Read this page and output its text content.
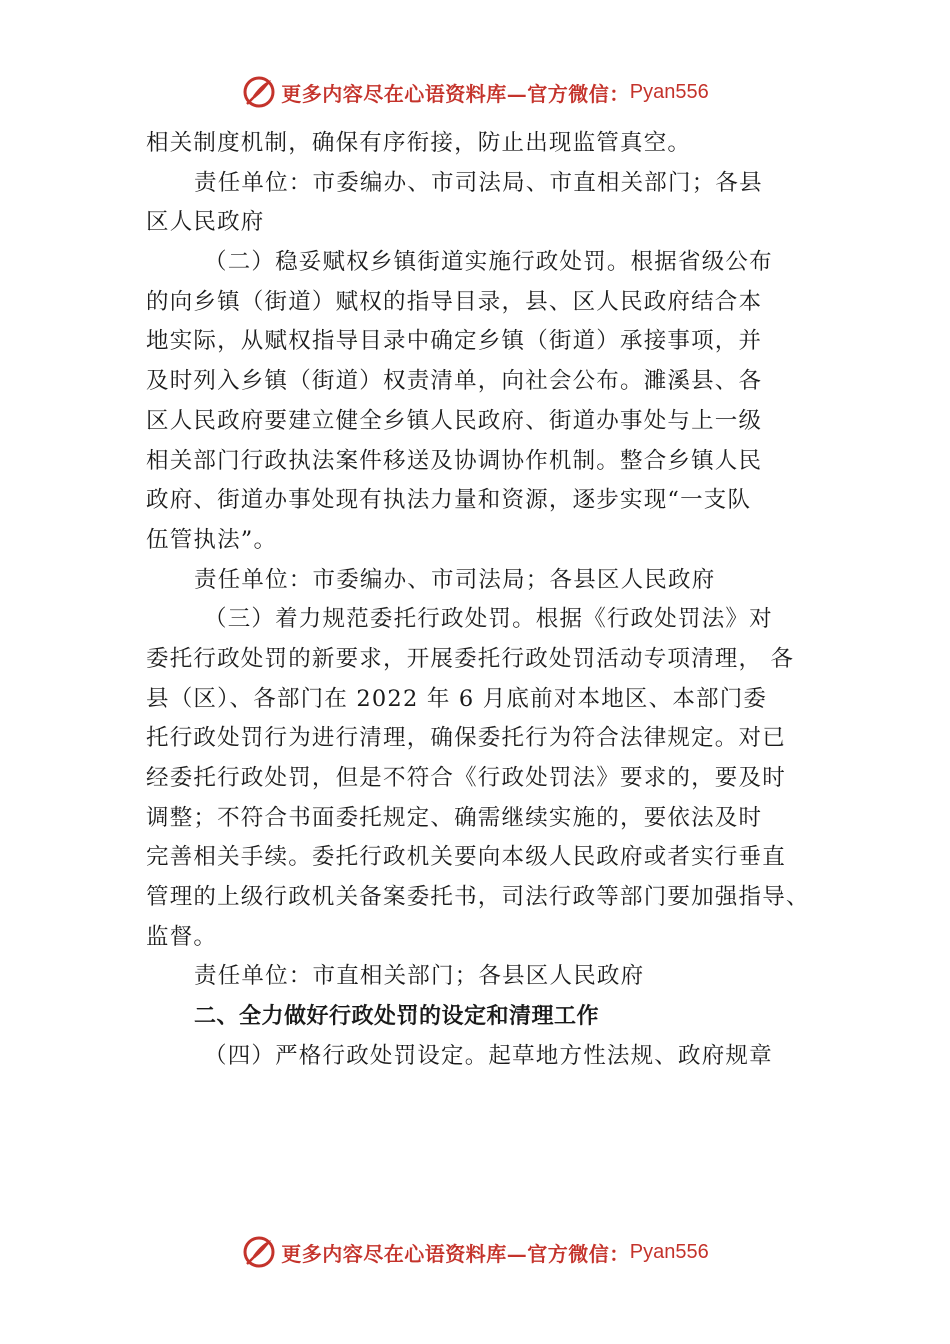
更多内容尽在心语资料库—官方微信： Pyan556
相关制度机制，确保有序衔接，防止出现监管真空。
责任单位：市委编办、市司法局、市直相关部门；各县
区人民政府
（二）稳妥赋权乡镇街道实施行政处罚。根据省级公布
的向乡镇（街道）赋权的指导目录，县、区人民政府结合本
地实际，从赋权指导目录中确定乡镇（街道）承接事项，并
及时列入乡镇（街道）权责清单，向社会公布。濉溪县、各
区人民政府要建立健全乡镇人民政府、街道办事处与上一级
相关部门行政执法案件移送及协调协作机制。整合乡镇人民
政府、街道办事处现有执法力量和资源，逐步实现“一支队
伍管执法”。
责任单位：市委编办、市司法局；各县区人民政府
（三）着力规范委托行政处罚。根据《行政处罚法》对
委托行政处罚的新要求，开展委托行政处罚活动专项清理， 各
县（区）、各部门在 2022 年 6 月底前对本地区、本部门委
托行政处罚行为进行清理，确保委托行为符合法律规定。对已
经委托行政处罚，但是不符合《行政处罚法》要求的，要及时
调整；不符合书面委托规定、确需继续实施的，要依法及时
完善相关手续。委托行政机关要向本级人民政府或者实行垂直
管理的上级行政机关备案委托书，司法行政等部门要加强指导、
监督。
责任单位：市直相关部门；各县区人民政府
二、全力做好行政处罚的设定和清理工作
（四）严格行政处罚设定。起草地方性法规、政府规章
更多内容尽在心语资料库—官方微信： Pyan556
